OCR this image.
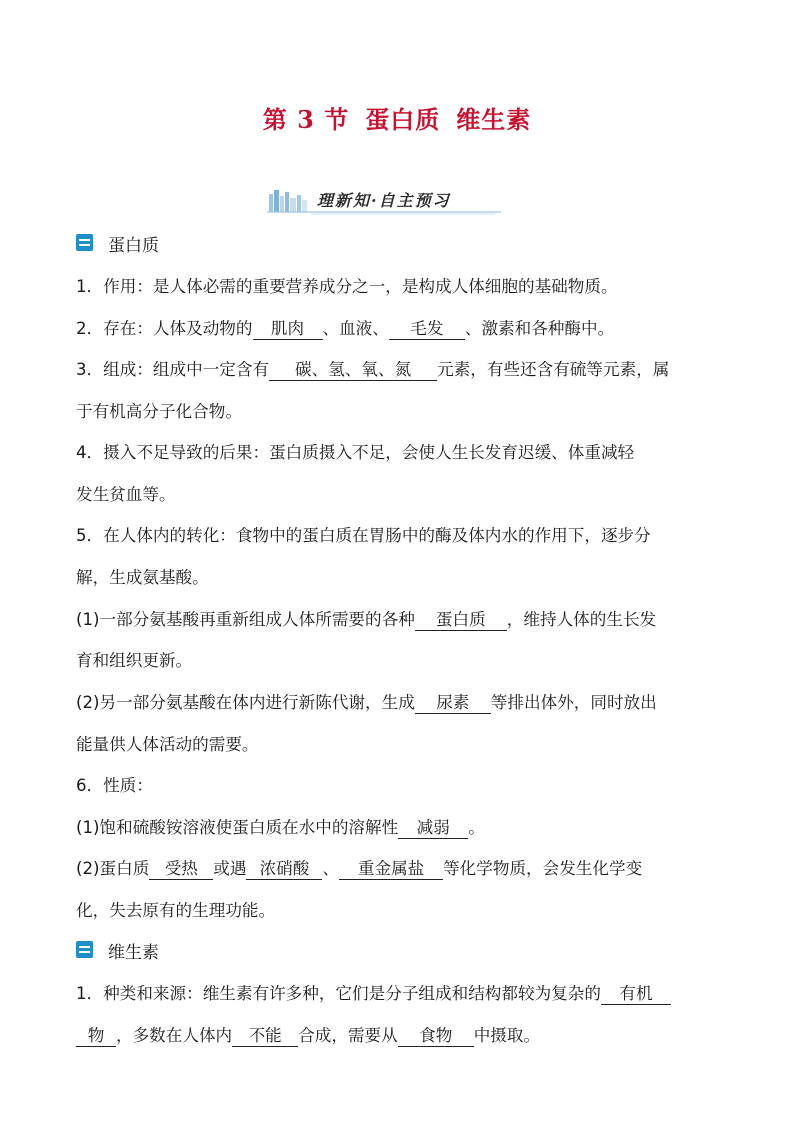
第 3 节 蛋白质 维生素
理新知·自主预习
蛋白质
1．作用：是人体必需的重要营养成分之一，是构成人体细胞的基础物质。
2．存在：人体及动物的 肌肉 、血液、 毛发 、激素和各种酶中。
3．组成：组成中一定含有 碳、氢、氧、氮 元素，有些还含有硫等元素，属
于有机高分子化合物。
4．摄入不足导致的后果：蛋白质摄入不足，会使人生长发育迟缓、体重减轻
发生贫血等。
5．在人体内的转化：食物中的蛋白质在胃肠中的酶及体内水的作用下，逐步分
解，生成氨基酸。
(1)一部分氨基酸再重新组成人体所需要的各种 蛋白质 ，维持人体的生长发
育和组织更新。
(2)另一部分氨基酸在体内进行新陈代谢，生成 尿素 等排出体外，同时放出
能量供人体活动的需要。
6．性质：
(1)饱和硫酸铵溶液使蛋白质在水中的溶解性 减弱 。
(2)蛋白质 受热 或遇 浓硝酸 、 重金属盐 等化学物质，会发生化学变
化，失去原有的生理功能。
维生素
1．种类和来源：维生素有许多种，它们是分子组成和结构都较为复杂的 有机
物 ，多数在人体内 不能 合成，需要从 食物 中摄取。
